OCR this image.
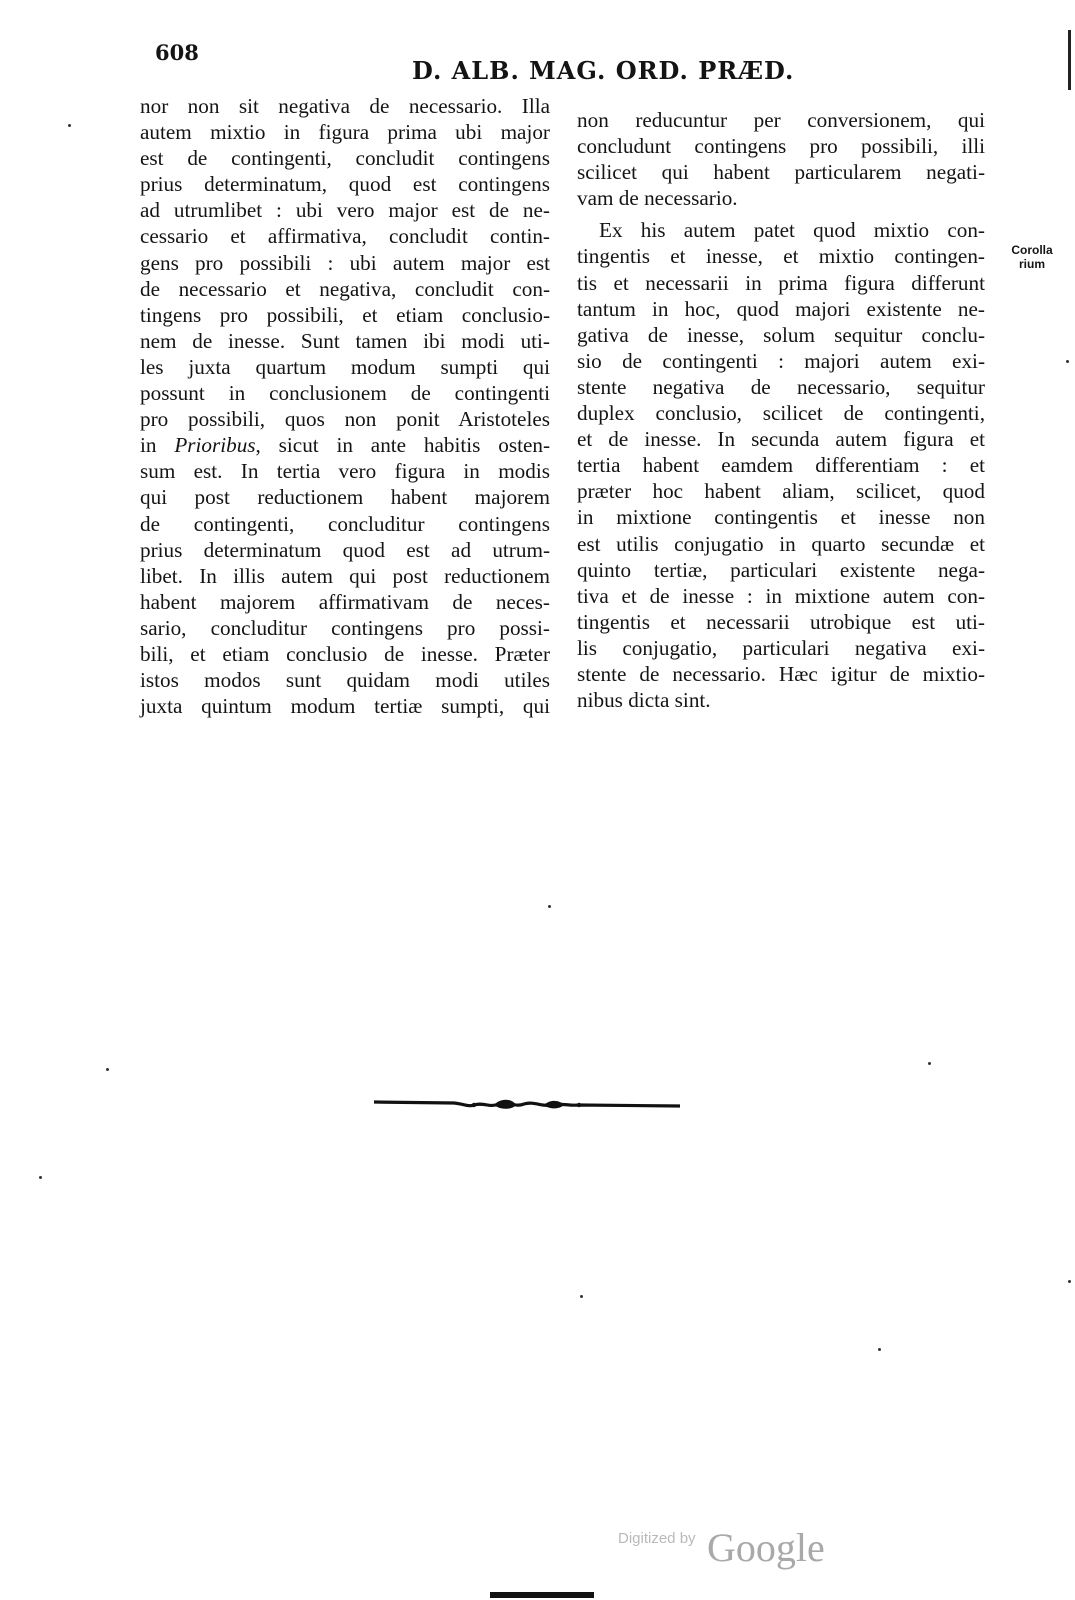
608
D. ALB. MAG. ORD. PRÆD.
nor non sit negativa de necessario. Illa
autem mixtio in figura prima ubi major
est de contingenti, concludit contingens
prius determinatum, quod est contingens
ad utrumlibet : ubi vero major est de ne-
cessario et affirmativa, concludit contin-
gens pro possibili : ubi autem major est
de necessario et negativa, concludit con-
tingens pro possibili, et etiam conclusio-
nem de inesse. Sunt tamen ibi modi uti-
les juxta quartum modum sumpti qui
possunt in conclusionem de contingenti
pro possibili, quos non ponit Aristoteles
in Prioribus, sicut in ante habitis osten-
sum est. In tertia vero figura in modis
qui post reductionem habent majorem
de contingenti, concluditur contingens
prius determinatum quod est ad utrum-
libet. In illis autem qui post reductionem
habent majorem affirmativam de neces-
sario, concluditur contingens pro possi-
bili, et etiam conclusio de inesse. Præter
istos modos sunt quidam modi utiles
juxta quintum modum tertiæ sumpti, qui
non reducuntur per conversionem, qui
concludunt contingens pro possibili, illi
scilicet qui habent particularem negati-
vam de necessario.
Ex his autem patet quod mixtio con-
tingentis et inesse, et mixtio contingen-
tis et necessarii in prima figura differunt
tantum in hoc, quod majori existente ne-
gativa de inesse, solum sequitur conclu-
sio de contingenti : majori autem exi-
stente negativa de necessario, sequitur
duplex conclusio, scilicet de contingenti,
et de inesse. In secunda autem figura et
tertia habent eamdem differentiam : et
præter hoc habent aliam, scilicet, quod
in mixtione contingentis et inesse non
est utilis conjugatio in quarto secundæ et
quinto tertiæ, particulari existente nega-
tiva et de inesse : in mixtione autem con-
tingentis et necessarii utrobique est uti-
lis conjugatio, particulari negativa exi-
stente de necessario. Hæc igitur de mixtio-
nibus dicta sint.
Corolla
rium
Digitized by Google
